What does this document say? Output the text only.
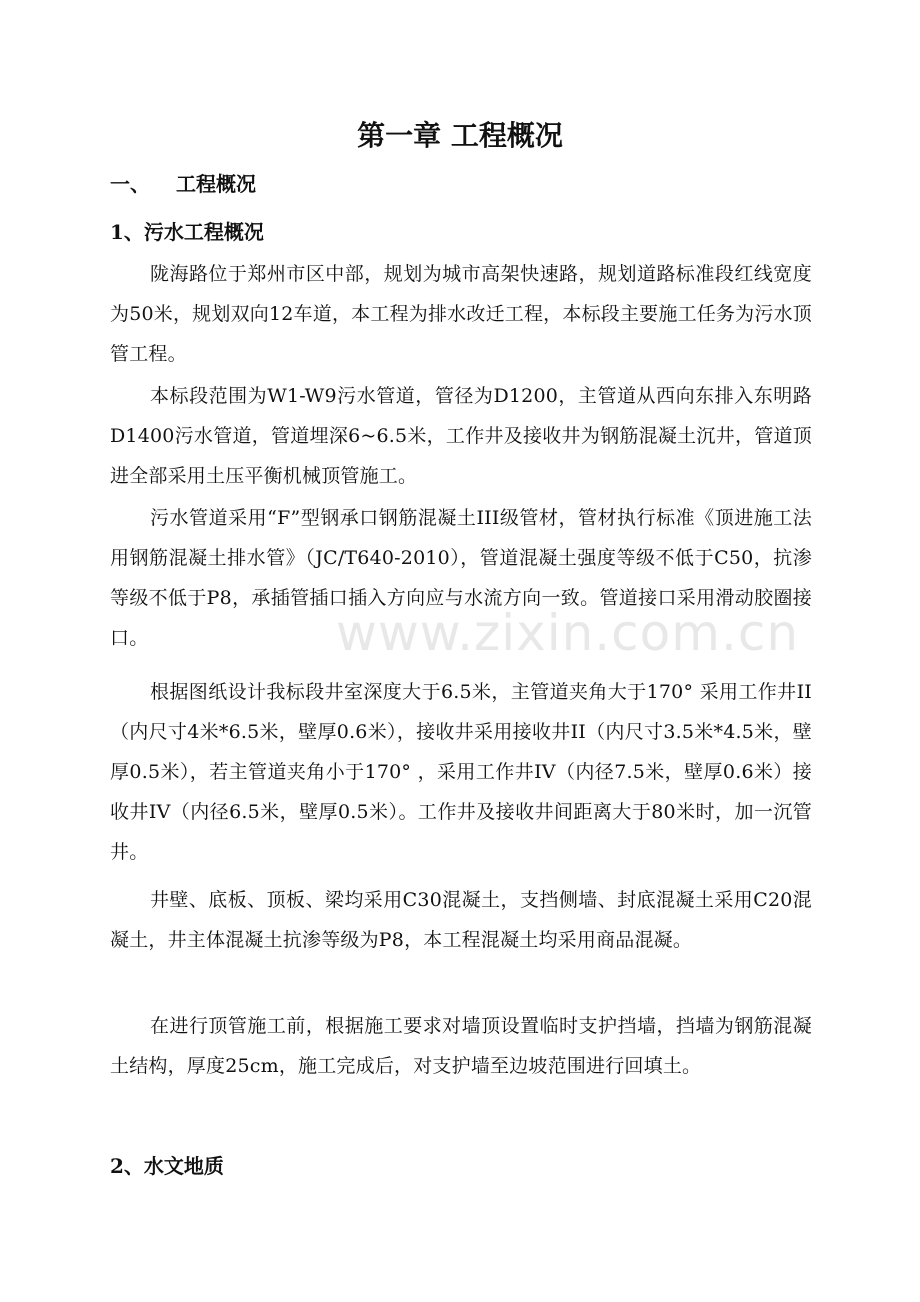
第一章 工程概况
一、 工程概况
1、污水工程概况

陇海路位于郑州市区中部，规划为城市高架快速路，规划道路标准段红线宽度为50米，规划双向12车道，本工程为排水改迁工程，本标段主要施工任务为污水顶管工程。

本标段范围为W1-W9污水管道，管径为D1200，主管道从西向东排入东明路D1400污水管道，管道埋深6~6.5米，工作井及接收井为钢筋混凝土沉井，管道顶进全部采用土压平衡机械顶管施工。

污水管道采用“F”型钢承口钢筋混凝土III级管材，管材执行标准《顶进施工法用钢筋混凝土排水管》（JC/T640-2010），管道混凝土强度等级不低于C50，抗渗等级不低于P8，承插管插口插入方向应与水流方向一致。管道接口采用滑动胶圈接口。

根据图纸设计我标段井室深度大于6.5米，主管道夹角大于170° 采用工作井II（内尺寸4米*6.5米，壁厚0.6米），接收井采用接收井II（内尺寸3.5米*4.5米，壁厚0.5米），若主管道夹角小于170° ，采用工作井IV（内径7.5米，壁厚0.6米）接收井IV（内径6.5米，壁厚0.5米）。工作井及接收井间距离大于80米时，加一沉管井。

井壁、底板、顶板、梁均采用C30混凝土，支挡侧墙、封底混凝土采用C20混凝土，井主体混凝土抗渗等级为P8，本工程混凝土均采用商品混凝。

在进行顶管施工前，根据施工要求对墙顶设置临时支护挡墙，挡墙为钢筋混凝土结构，厚度25cm，施工完成后，对支护墙至边坡范围进行回填土。

2、水文地质
www.zixin.com.cn
